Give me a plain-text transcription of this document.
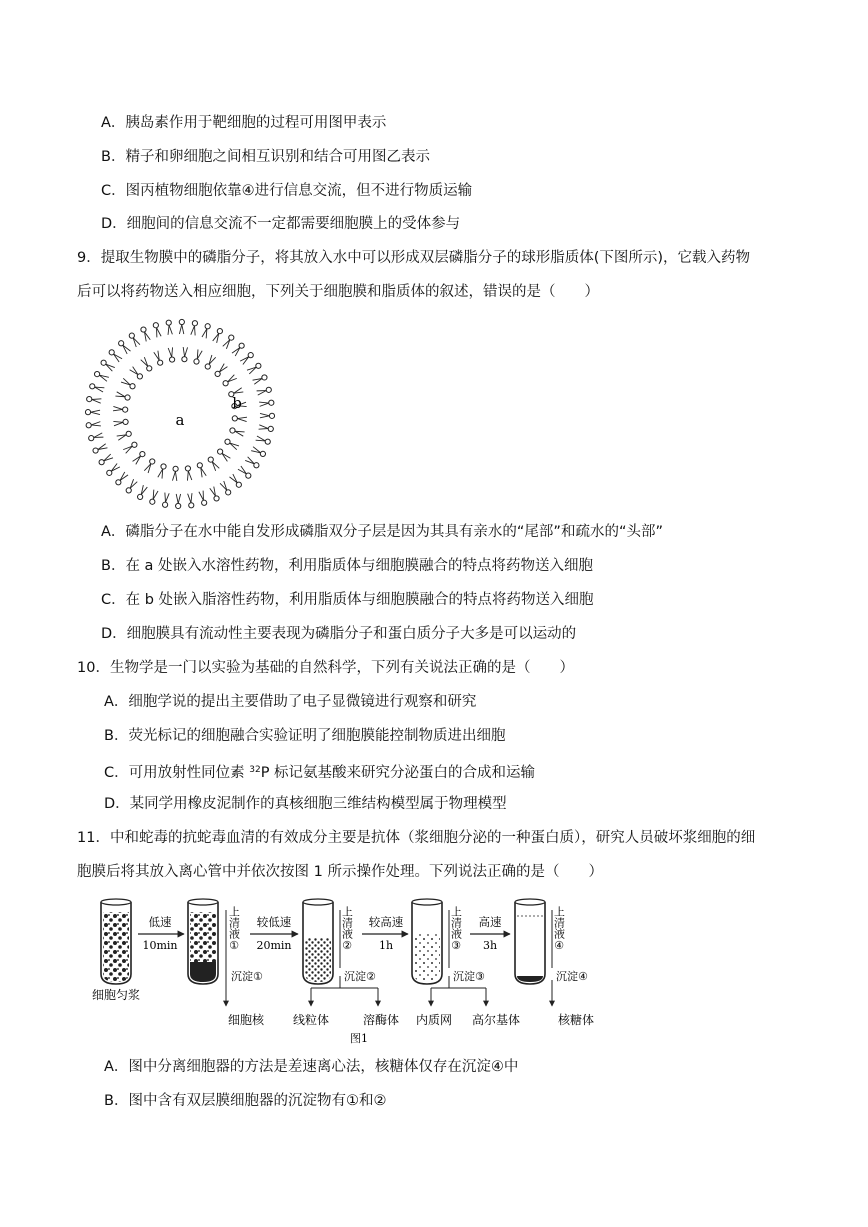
A．胰岛素作用于靶细胞的过程可用图甲表示
B．精子和卵细胞之间相互识别和结合可用图乙表示
C．图丙植物细胞依靠④进行信息交流，但不进行物质运输
D．细胞间的信息交流不一定都需要细胞膜上的受体参与
9．提取生物膜中的磷脂分子，将其放入水中可以形成双层磷脂分子的球形脂质体(下图所示)，它载入药物
后可以将药物送入相应细胞，下列关于细胞膜和脂质体的叙述，错误的是（　　）
a
b
A．磷脂分子在水中能自发形成磷脂双分子层是因为其具有亲水的“尾部”和疏水的“头部”
B．在 a 处嵌入水溶性药物，利用脂质体与细胞膜融合的特点将药物送入细胞
C．在 b 处嵌入脂溶性药物，利用脂质体与细胞膜融合的特点将药物送入细胞
D．细胞膜具有流动性主要表现为磷脂分子和蛋白质分子大多是可以运动的
10．生物学是一门以实验为基础的自然科学，下列有关说法正确的是（　　）
A．细胞学说的提出主要借助了电子显微镜进行观察和研究
B．荧光标记的细胞融合实验证明了细胞膜能控制物质进出细胞
C．可用放射性同位素 $^{32}$P 标记氨基酸来研究分泌蛋白的合成和运输
D．某同学用橡皮泥制作的真核细胞三维结构模型属于物理模型
11．中和蛇毒的抗蛇毒血清的有效成分主要是抗体（浆细胞分泌的一种蛋白质），研究人员破坏浆细胞的细
胞膜后将其放入离心管中并依次按图 1 所示操作处理。下列说法正确的是（　　）
细胞匀浆
低速
10min	上清液①
沉淀①
细胞核
较低速
20min	上清液②
沉淀②
线粒体	溶酶体
较高速
1h	上清液③
沉淀③
内质网 高尔基体
高速
3h	上清液④
沉淀④
核糖体
图1
A．图中分离细胞器的方法是差速离心法，核糖体仅存在沉淀④中
B．图中含有双层膜细胞器的沉淀物有①和②
